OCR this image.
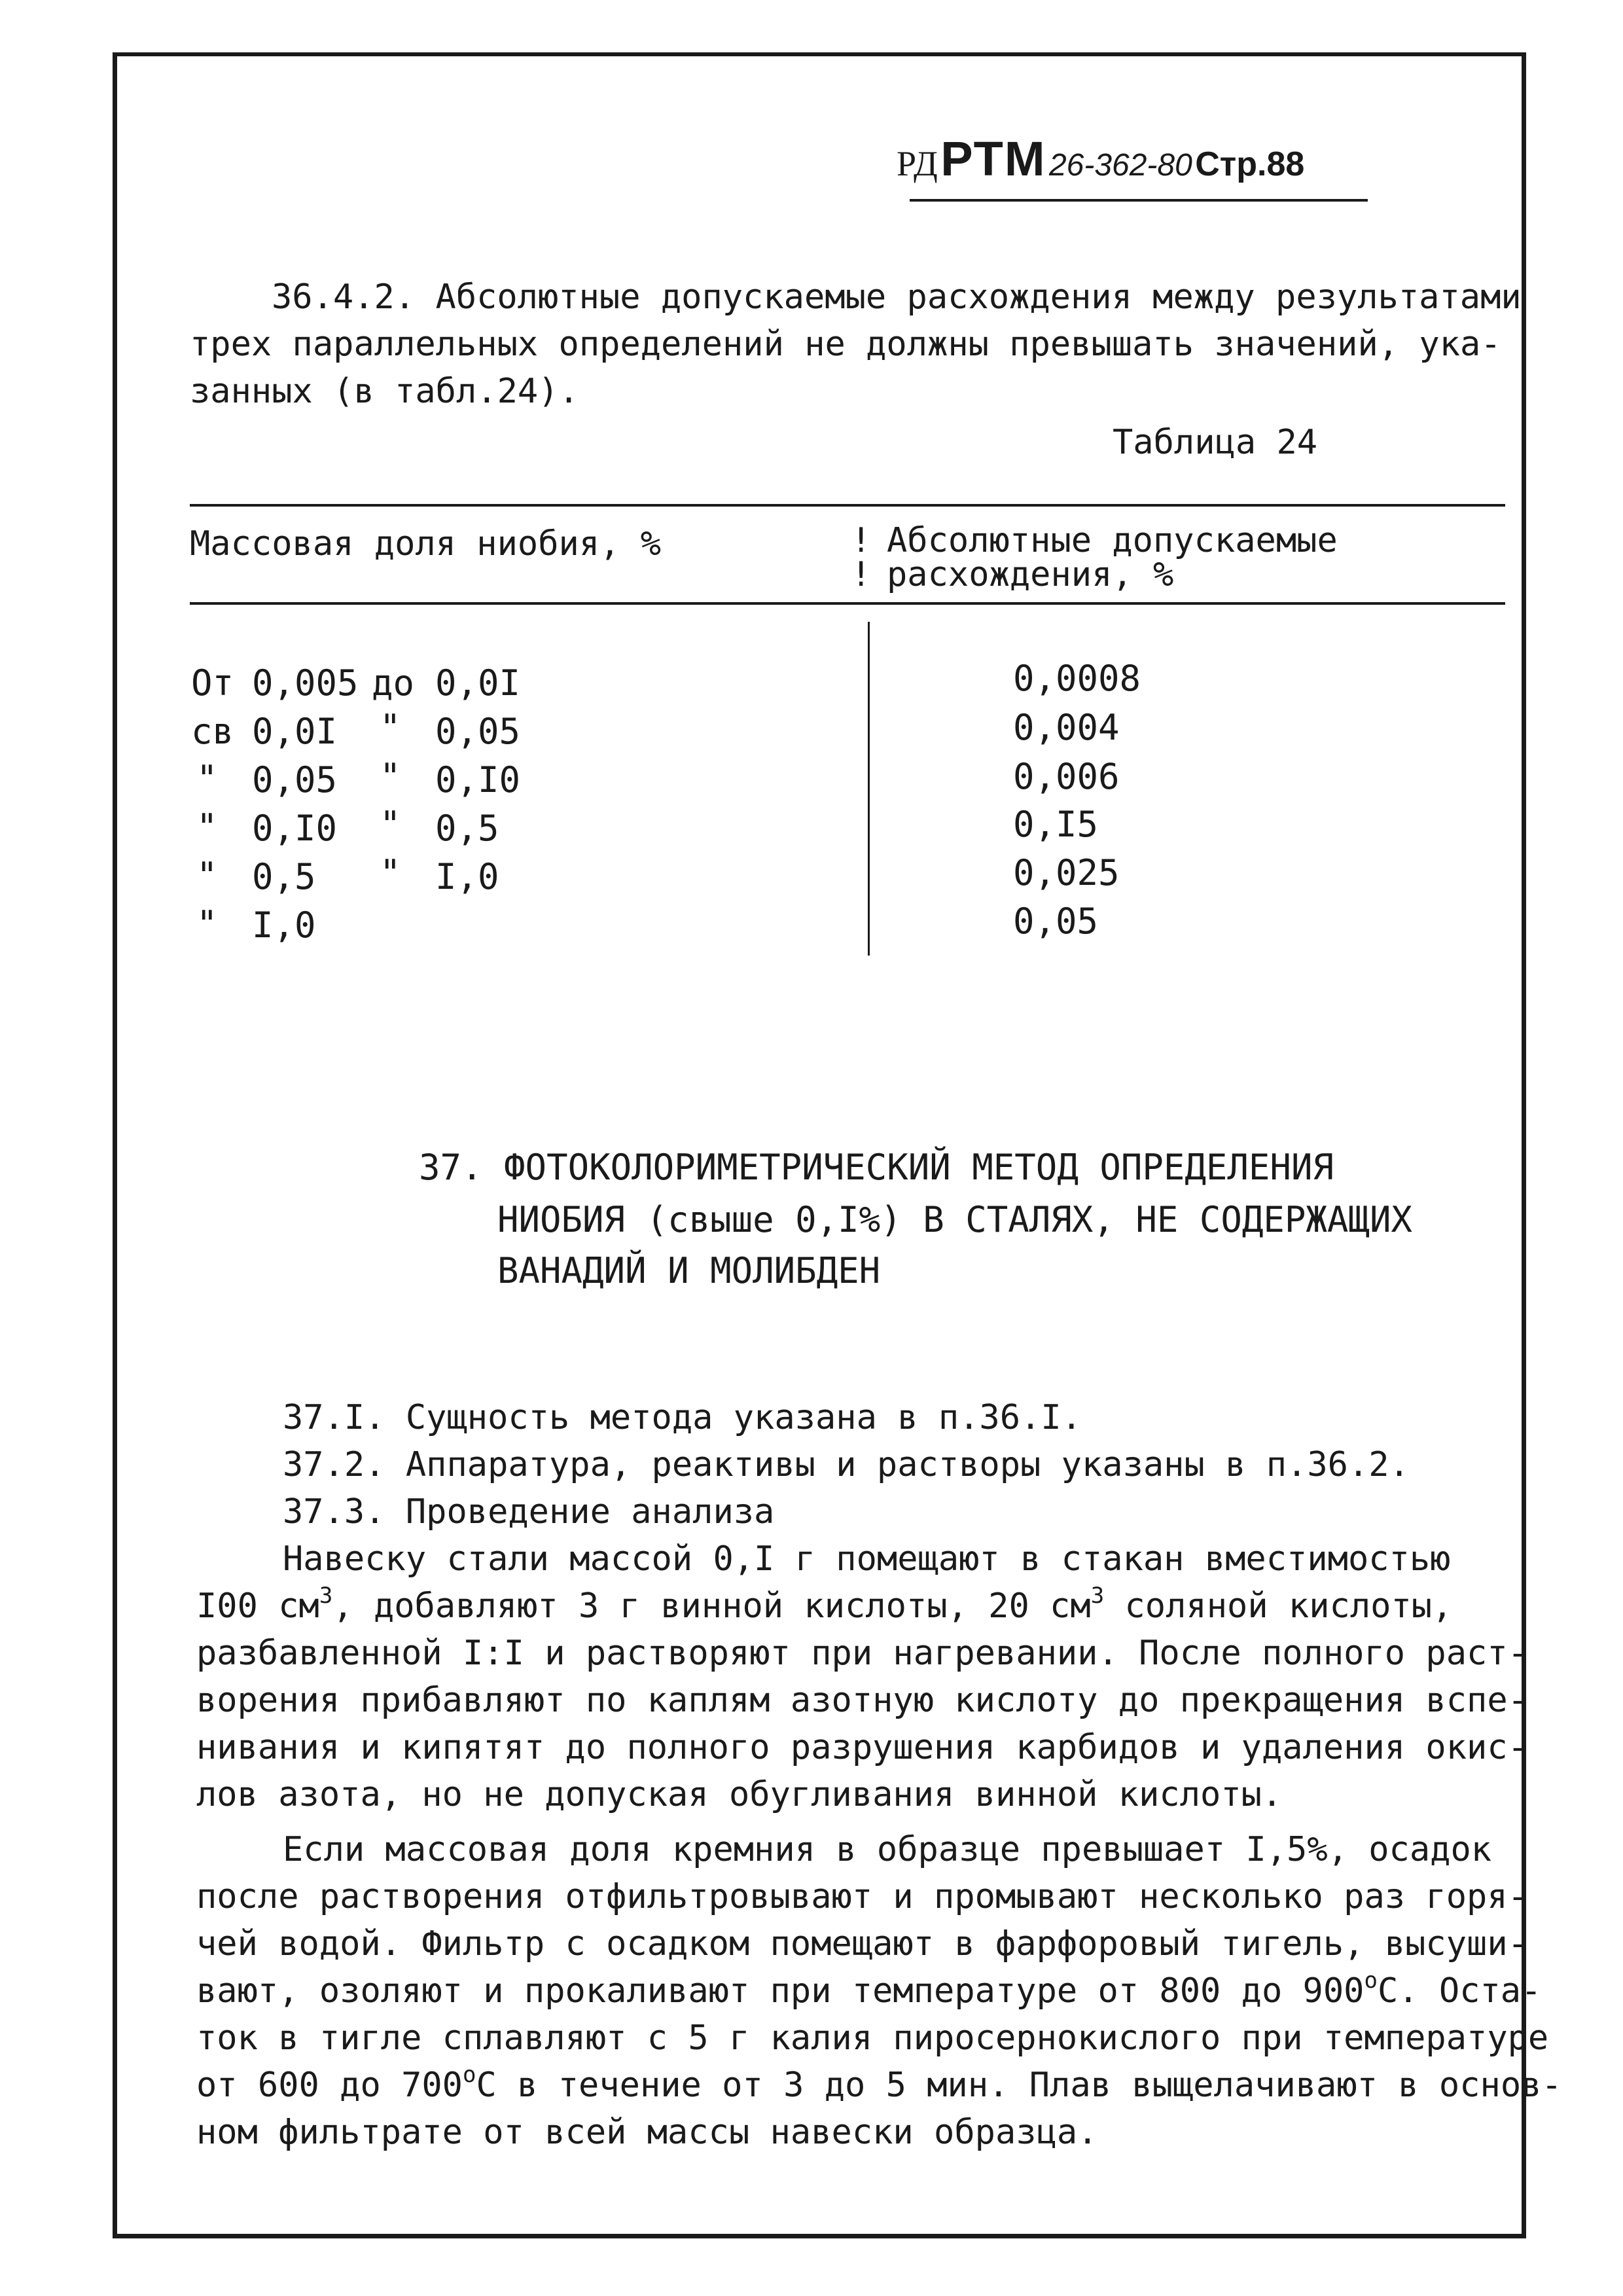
РД РТМ 26-362-80 Стр.88
36.4.2. Абсолютные допускаемые расхождения между результатами
трех параллельных определений не должны превышать значений, ука-
занных (в табл.24).
Таблица 24
Массовая доля ниобия, %	!
!
Абсолютные допускаемые
расхождения, %
От 0,005 до 0,0I	0,0008
св 0,0I " 0,05	0,004
" 0,05 " 0,I0	0,006
" 0,I0 " 0,5	0,I5
" 0,5 " I,0	0,025
" I,0	0,05
37. ФОТОКОЛОРИМЕТРИЧЕСКИЙ МЕТОД ОПРЕДЕЛЕНИЯ
НИОБИЯ (свыше 0,I%) В СТАЛЯХ, НЕ СОДЕРЖАЩИХ
ВАНАДИЙ И МОЛИБДЕН
37.I. Сущность метода указана в п.36.I.
37.2. Аппаратура, реактивы и растворы указаны в п.36.2.
37.3. Проведение анализа
Навеску стали массой 0,I г помещают в стакан вместимостью
I00 $см^3$, добавляют 3 г винной кислоты, 20 $см^3$ соляной кислоты,
разбавленной I:I и растворяют при нагревании. После полного раст-
ворения прибавляют по каплям азотную кислоту до прекращения вспе-
нивания и кипятят до полного разрушения карбидов и удаления окис-
лов азота, но не допуская обугливания винной кислоты.
Если массовая доля кремния в образце превышает I,5%, осадок
после растворения отфильтровывают и промывают несколько раз горя-
чей водой. Фильтр с осадком помещают в фарфоровый тигель, высуши-
вают, озоляют и прокаливают при температуре от 800 до $900^оС$. Оста-
ток в тигле сплавляют с 5 г калия пиросернокислого при температуре
от 600 до $700^оС$ в течение от 3 до 5 мин. Плав выщелачивают в основ-
ном фильтрате от всей массы навески образца.
